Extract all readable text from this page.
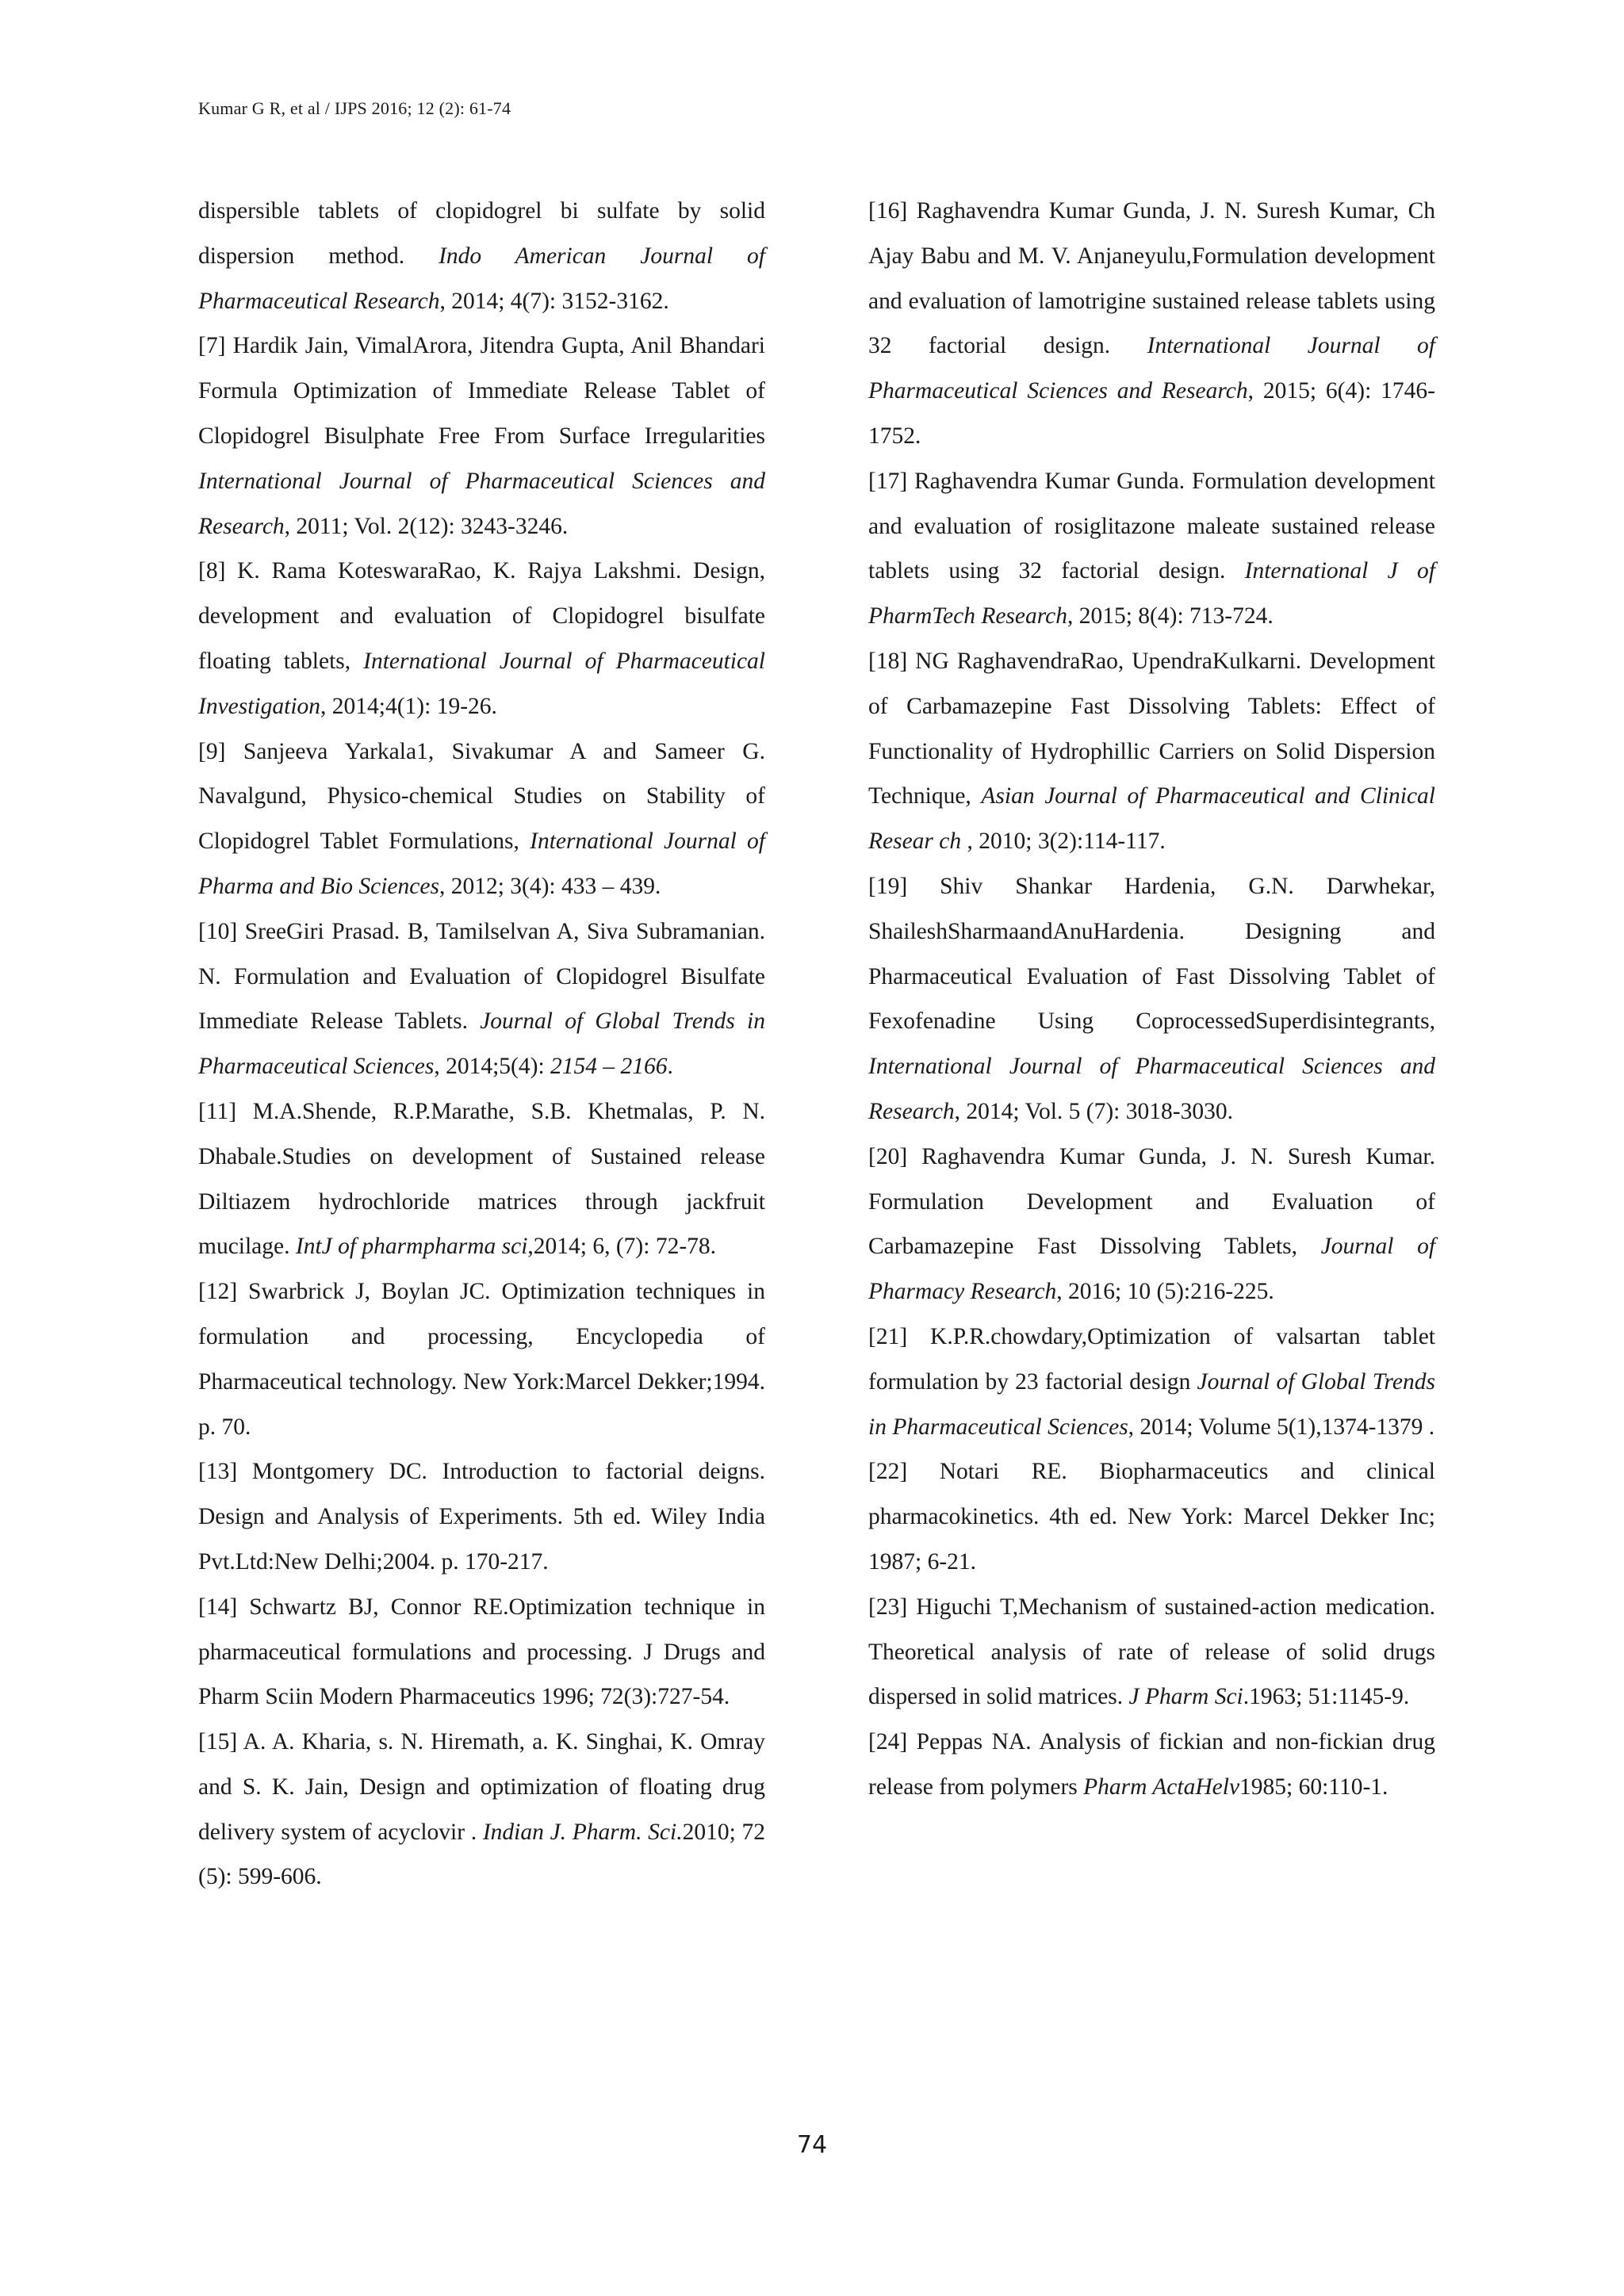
Kumar G R, et al / IJPS 2016; 12 (2): 61-74

dispersible tablets of clopidogrel bi sulfate by solid dispersion method. Indo American Journal of Pharmaceutical Research, 2014; 4(7): 3152-3162.

[7] Hardik Jain, VimalArora, Jitendra Gupta, Anil Bhandari Formula Optimization of Immediate Release Tablet of Clopidogrel Bisulphate Free From Surface Irregularities International Journal of Pharmaceutical Sciences and Research, 2011; Vol. 2(12): 3243-3246.

[8] K. Rama KoteswaraRao, K. Rajya Lakshmi. Design, development and evaluation of Clopidogrel bisulfate floating tablets, International Journal of Pharmaceutical Investigation, 2014;4(1): 19-26.

[9] Sanjeeva Yarkala1, Sivakumar A and Sameer G. Navalgund, Physico-chemical Studies on Stability of Clopidogrel Tablet Formulations, International Journal of Pharma and Bio Sciences, 2012; 3(4): 433 – 439.

[10] SreeGiri Prasad. B, Tamilselvan A, Siva Subramanian. N. Formulation and Evaluation of Clopidogrel Bisulfate Immediate Release Tablets. Journal of Global Trends in Pharmaceutical Sciences, 2014;5(4): 2154 – 2166.

[11] M.A.Shende, R.P.Marathe, S.B. Khetmalas, P. N. Dhabale.Studies on development of Sustained release Diltiazem hydrochloride matrices through jackfruit mucilage. IntJ of pharmpharma sci,2014; 6, (7): 72-78.

[12] Swarbrick J, Boylan JC. Optimization techniques in formulation and processing, Encyclopedia of Pharmaceutical technology. New York:Marcel Dekker;1994. p. 70.

[13] Montgomery DC. Introduction to factorial deigns. Design and Analysis of Experiments. 5th ed. Wiley India Pvt.Ltd:New Delhi;2004. p. 170-217.

[14] Schwartz BJ, Connor RE.Optimization technique in pharmaceutical formulations and processing. J Drugs and Pharm Sciin Modern Pharmaceutics 1996; 72(3):727-54.

[15] A. A. Kharia, s. N. Hiremath, a. K. Singhai, K. Omray and S. K. Jain, Design and optimization of floating drug delivery system of acyclovir . Indian J. Pharm. Sci.2010; 72 (5): 599-606.

[16] Raghavendra Kumar Gunda, J. N. Suresh Kumar, Ch Ajay Babu and M. V. Anjaneyulu,Formulation development and evaluation of lamotrigine sustained release tablets using 32 factorial design. International Journal of Pharmaceutical Sciences and Research, 2015; 6(4): 1746-1752.

[17] Raghavendra Kumar Gunda. Formulation development and evaluation of rosiglitazone maleate sustained release tablets using 32 factorial design. International J of PharmTech Research, 2015; 8(4): 713-724.

[18] NG RaghavendraRao, UpendraKulkarni. Development of Carbamazepine Fast Dissolving Tablets: Effect of Functionality of Hydrophillic Carriers on Solid Dispersion Technique, Asian Journal of Pharmaceutical and Clinical Resear ch , 2010; 3(2):114-117.

[19] Shiv Shankar Hardenia, G.N. Darwhekar, ShaileshSharmaandAnuHardenia. Designing and Pharmaceutical Evaluation of Fast Dissolving Tablet of Fexofenadine Using CoprocessedSuperdisintegrants, International Journal of Pharmaceutical Sciences and Research, 2014; Vol. 5 (7): 3018-3030.

[20] Raghavendra Kumar Gunda, J. N. Suresh Kumar. Formulation Development and Evaluation of Carbamazepine Fast Dissolving Tablets, Journal of Pharmacy Research, 2016; 10 (5):216-225.

[21] K.P.R.chowdary,Optimization of valsartan tablet formulation by 23 factorial design Journal of Global Trends in Pharmaceutical Sciences, 2014; Volume 5(1),1374-1379 .

[22] Notari RE. Biopharmaceutics and clinical pharmacokinetics. 4th ed. New York: Marcel Dekker Inc; 1987; 6-21.

[23] Higuchi T,Mechanism of sustained-action medication. Theoretical analysis of rate of release of solid drugs dispersed in solid matrices. J Pharm Sci.1963; 51:1145-9.

[24] Peppas NA. Analysis of fickian and non-fickian drug release from polymers Pharm ActaHelv1985; 60:110-1.

74
